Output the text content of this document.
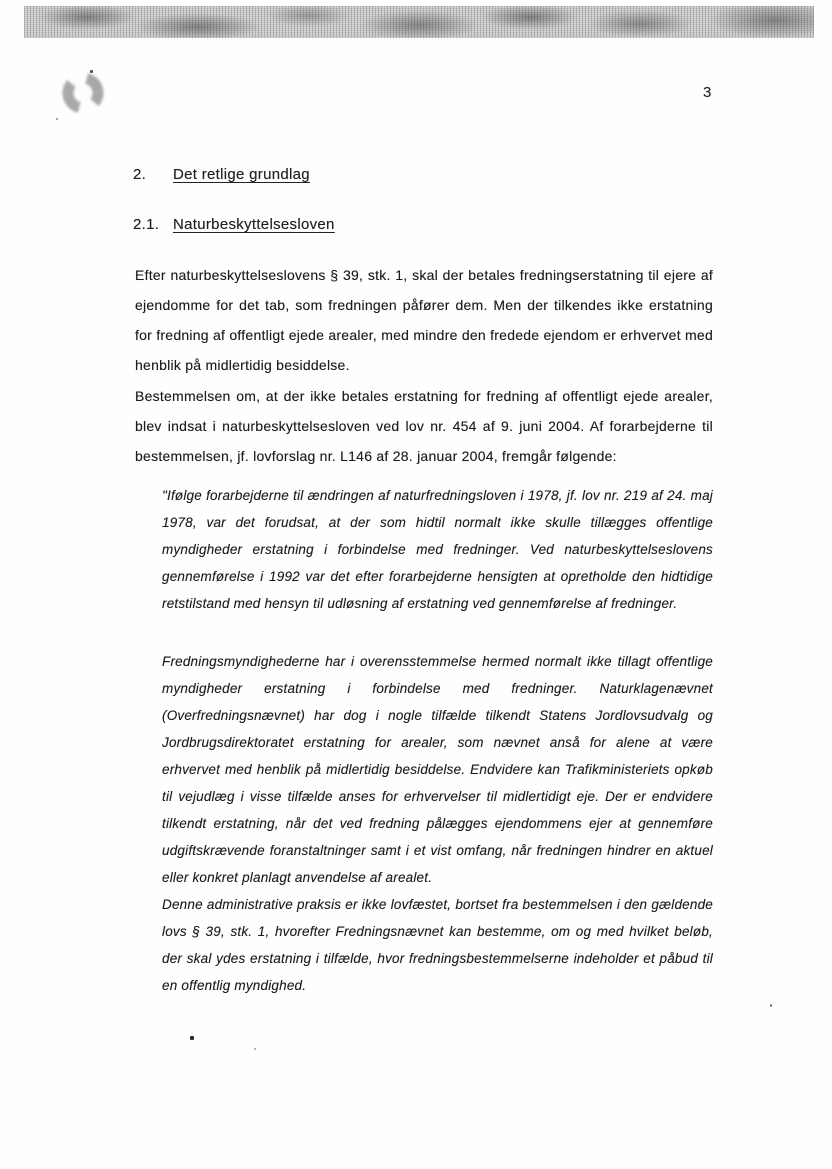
3
2.	Det retlige grundlag
2.1. Naturbeskyttelsesloven

Efter naturbeskyttelseslovens § 39, stk. 1, skal der betales fredningserstatning til ejere af ejendomme for det tab, som fredningen påfører dem. Men der tilkendes ikke erstatning for fredning af offentligt ejede arealer, med mindre den fredede ejendom er erhvervet med henblik på midlertidig besiddelse.

Bestemmelsen om, at der ikke betales erstatning for fredning af offentligt ejede arealer, blev indsat i naturbeskyttelsesloven ved lov nr. 454 af 9. juni 2004. Af forarbejderne til bestemmelsen, jf. lovforslag nr. L146 af 28. januar 2004, fremgår følgende:

"Ifølge forarbejderne til ændringen af naturfredningsloven i 1978, jf. lov nr. 219 af 24. maj 1978, var det forudsat, at der som hidtil normalt ikke skulle tillægges offentlige myndigheder erstatning i forbindelse med fredninger. Ved naturbeskyttelseslovens gennemførelse i 1992 var det efter forarbejderne hensigten at opretholde den hidtidige retstilstand med hensyn til udløsning af erstatning ved gennemførelse af fredninger.

Fredningsmyndighederne har i overensstemmelse hermed normalt ikke tillagt offentlige myndigheder erstatning i forbindelse med fredninger. Naturklagenævnet (Overfredningsnævnet) har dog i nogle tilfælde tilkendt Statens Jordlovsudvalg og Jordbrugsdirektoratet erstatning for arealer, som nævnet anså for alene at være erhvervet med henblik på midlertidig besiddelse. Endvidere kan Trafikministeriets opkøb til vejudlæg i visse tilfælde anses for erhvervelser til midlertidigt eje. Der er endvidere tilkendt erstatning, når det ved fredning pålægges ejendommens ejer at gennemføre udgiftskrævende foranstaltninger samt i et vist omfang, når fredningen hindrer en aktuel eller konkret planlagt anvendelse af arealet.

Denne administrative praksis er ikke lovfæstet, bortset fra bestemmelsen i den gældende lovs § 39, stk. 1, hvorefter Fredningsnævnet kan bestemme, om og med hvilket beløb, der skal ydes erstatning i tilfælde, hvor fredningsbestemmelserne indeholder et påbud til en offentlig myndighed.
